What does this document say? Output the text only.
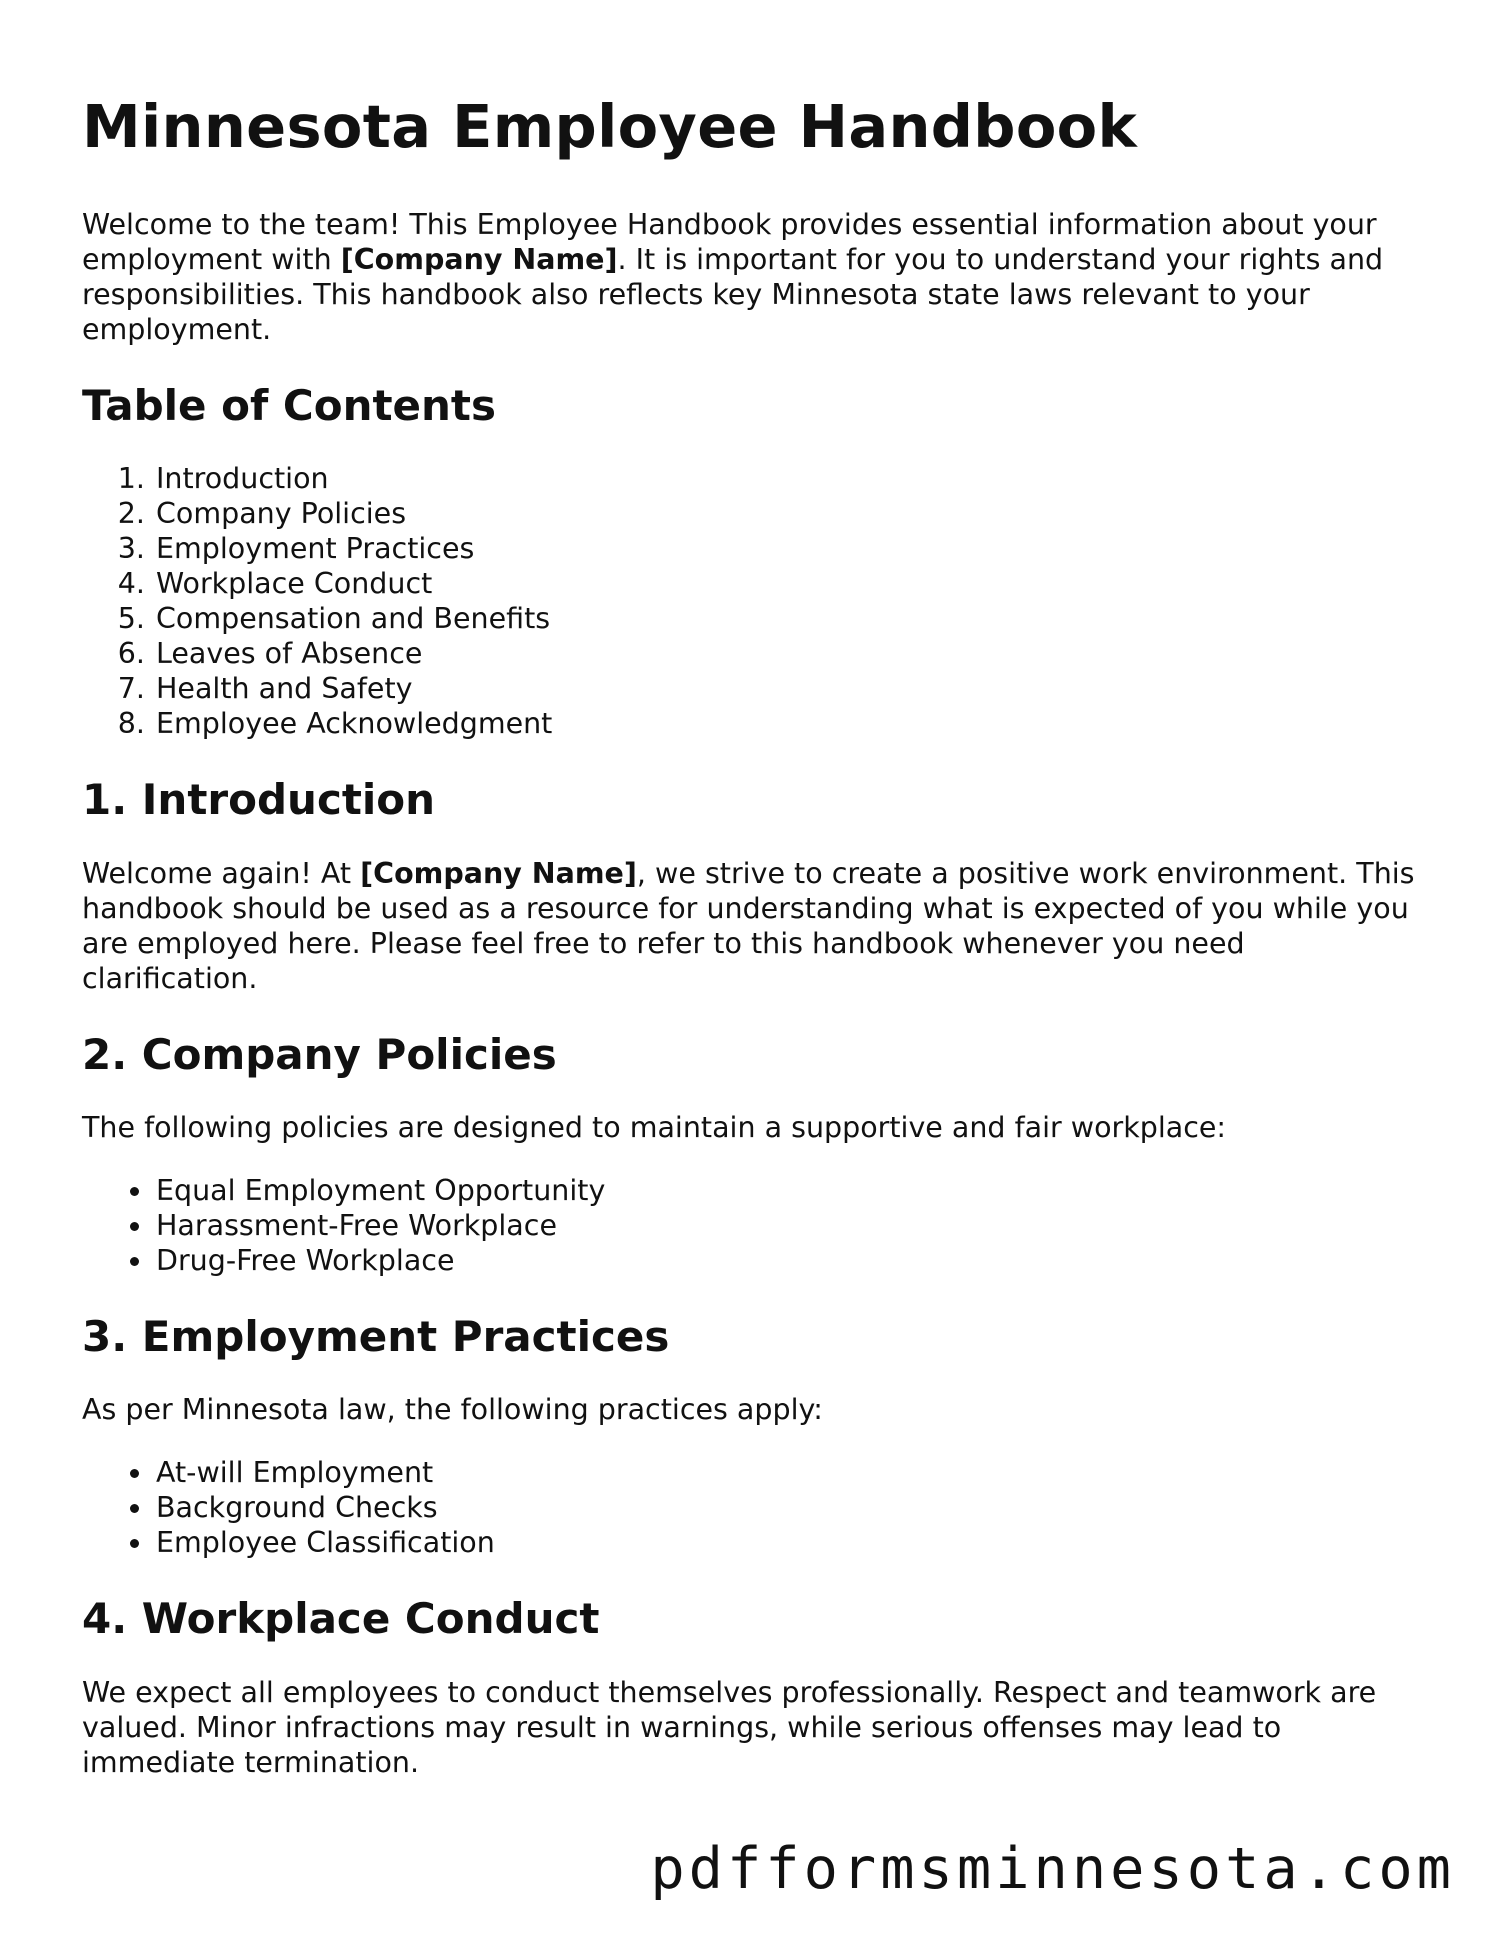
Minnesota Employee Handbook

Welcome to the team! This Employee Handbook provides essential information about your employment with [Company Name]. It is important for you to understand your rights and responsibilities. This handbook also reflects key Minnesota state laws relevant to your employment.

Table of Contents
1. Introduction
2. Company Policies
3. Employment Practices
4. Workplace Conduct
5. Compensation and Benefits
6. Leaves of Absence
7. Health and Safety
8. Employee Acknowledgment
1. Introduction

Welcome again! At [Company Name], we strive to create a positive work environment. This handbook should be used as a resource for understanding what is expected of you while you are employed here. Please feel free to refer to this handbook whenever you need clarification.

2. Company Policies

The following policies are designed to maintain a supportive and fair workplace:

• Equal Employment Opportunity
• Harassment-Free Workplace
• Drug-Free Workplace
3. Employment Practices

As per Minnesota law, the following practices apply:

• At-will Employment
• Background Checks
• Employee Classification
4. Workplace Conduct

We expect all employees to conduct themselves professionally. Respect and teamwork are valued. Minor infractions may result in warnings, while serious offenses may lead to immediate termination.

pdfformsminnesota.com
